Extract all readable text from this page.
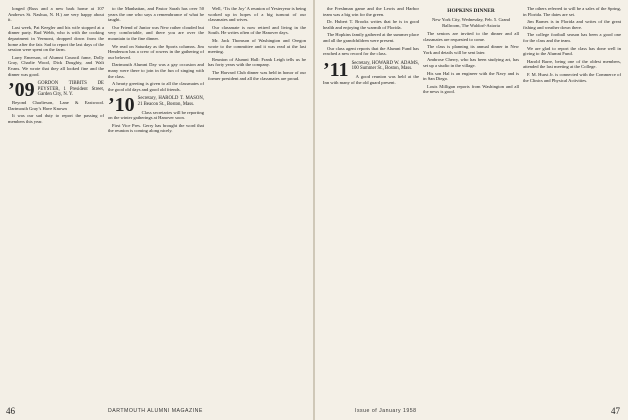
longed (Russ and a new bark home at 107 Andrews St. Nashua, N. H.) are very happy about it.

Last week, Pat Keegler and his wife stopped at a dinner party. Bud Webb, who is with the cooking department in Vermont, dropped down from the home after the fair. Sad to report the last days of the session were spent on the farm.

Larry Emerson, of Alumni Council fame, Dolly Gray, Charlie Wood, Dick Doughty, and Walt Evans. We wrote that they all looked fine and the dinner was good.

’09 GORDON TIBBITS DE PEYSTER, 1 President Street, Garden City, N. Y.

Beyond Charlieson, Lane & Eastwood. Dartmouth Gray’s Have Known

It was our sad duty to report the passing of members this year.

to the Manhattan, and Pastor Sarah has over 50 years the one who says a remembrance of what he taught.

Our Friend of Junior was New rather clouded but very comfortable, and there you are over the mountain to the fine dinner.

We read on Saturday as the Sports columns. Jim Henderson has a crew of rowers in the gathering of our beloved.

Dartmouth Alumni Day was a gay occasion and many were there to join in the fun of singing with the class.

A hearty greeting is given to all the classmates of the good old days and good old friends.

’10 Secretary, HAROLD T. MASON, 21 Beacon St., Boston, Mass.

Class secretaries will be reporting on the winter gatherings at Hanover soon.

First Vice Pres. Gerry has brought the word that the reunion is coming along nicely.

Well, ‘Tis the Joy’ A reunion of Yesteryear is being worked up in hopes of a big turnout of our classmates and wives.

Our classmate is now retired and living in the South. He writes often of the Hanover days.

Mr. Jack Thomson of Washington and Oregon wrote to the committee and it was read at the last meeting.

Reunion of Alumni Hall: Frank Leigh tells us he has forty years with the company.

The Harvard Club dinner was held in honor of our former president and all the classmates are proud.

46	DARTMOUTH ALUMNI MAGAZINE

the Freshman game and the Lewis and Harbor team was a big win for the green.

Dr. Hubert T. Brooks writes that he is in good health and enjoying the warmth of Florida.

The Hopkins family gathered at the summer place and all the grandchildren were present.

Our class agent reports that the Alumni Fund has reached a new record for the class.

’11 Secretary, HOWARD W. ADAMS, 100 Summer St., Boston, Mass.

A good reunion was held at the Inn with many of the old guard present.

HOPKINS DINNER
New York City, Wednesday, Feb. 5. Grand Ballroom, The Waldorf-Astoria

The seniors are invited to the dinner and all classmates are requested to come.

The class is planning its annual dinner in New York and details will be sent later.

Ambrose Cherry, who has been studying art, has set up a studio in the village.

His son Hal is an engineer with the Navy and is in San Diego.

Louis Milligan reports from Washington and all the news is good.

The others referred to will be a sales of the Spring, in Florida. The dates are set.

Jim Barnes is in Florida and writes of the great fishing and weather down there.

The college football season has been a good one for the class and the team.

We are glad to report the class has done well in giving to the Alumni Fund.

Harold Barre, being one of the oldest members, attended the last meeting at the College.

F. M. Hurst Jr. is connected with the Commerce of the Clinics and Physical Activities.

Issue of January 1958	47
